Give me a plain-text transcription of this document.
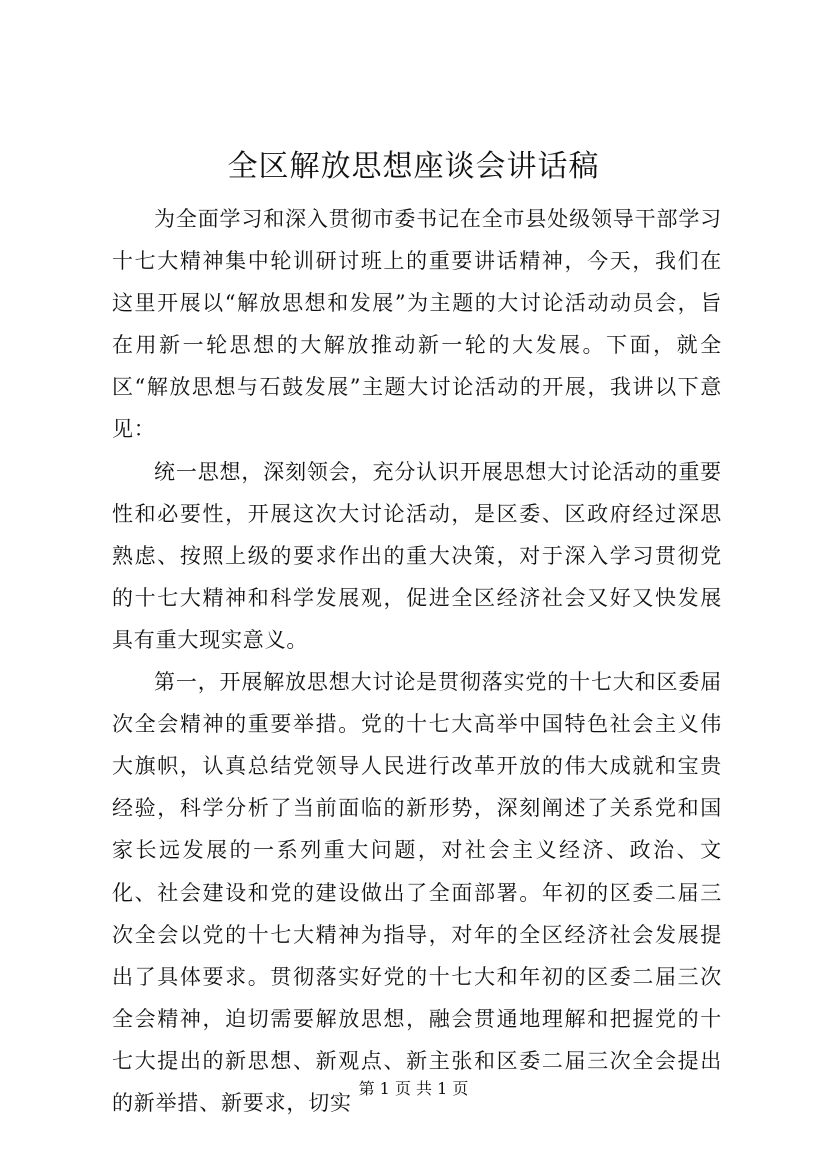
全区解放思想座谈会讲话稿

为全面学习和深入贯彻市委书记在全市县处级领导干部学习十七大精神集中轮训研讨班上的重要讲话精神，今天，我们在这里开展以“解放思想和发展”为主题的大讨论活动动员会，旨在用新一轮思想的大解放推动新一轮的大发展。下面，就全区“解放思想与石鼓发展”主题大讨论活动的开展，我讲以下意见：

统一思想，深刻领会，充分认识开展思想大讨论活动的重要性和必要性，开展这次大讨论活动，是区委、区政府经过深思熟虑、按照上级的要求作出的重大决策，对于深入学习贯彻党的十七大精神和科学发展观，促进全区经济社会又好又快发展具有重大现实意义。

第一，开展解放思想大讨论是贯彻落实党的十七大和区委届次全会精神的重要举措。党的十七大高举中国特色社会主义伟大旗帜，认真总结党领导人民进行改革开放的伟大成就和宝贵经验，科学分析了当前面临的新形势，深刻阐述了关系党和国家长远发展的一系列重大问题，对社会主义经济、政治、文化、社会建设和党的建设做出了全面部署。年初的区委二届三次全会以党的十七大精神为指导，对年的全区经济社会发展提出了具体要求。贯彻落实好党的十七大和年初的区委二届三次全会精神，迫切需要解放思想，融会贯通地理解和把握党的十七大提出的新思想、新观点、新主张和区委二届三次全会提出的新举措、新要求，切实

第 1 页 共 1 页
